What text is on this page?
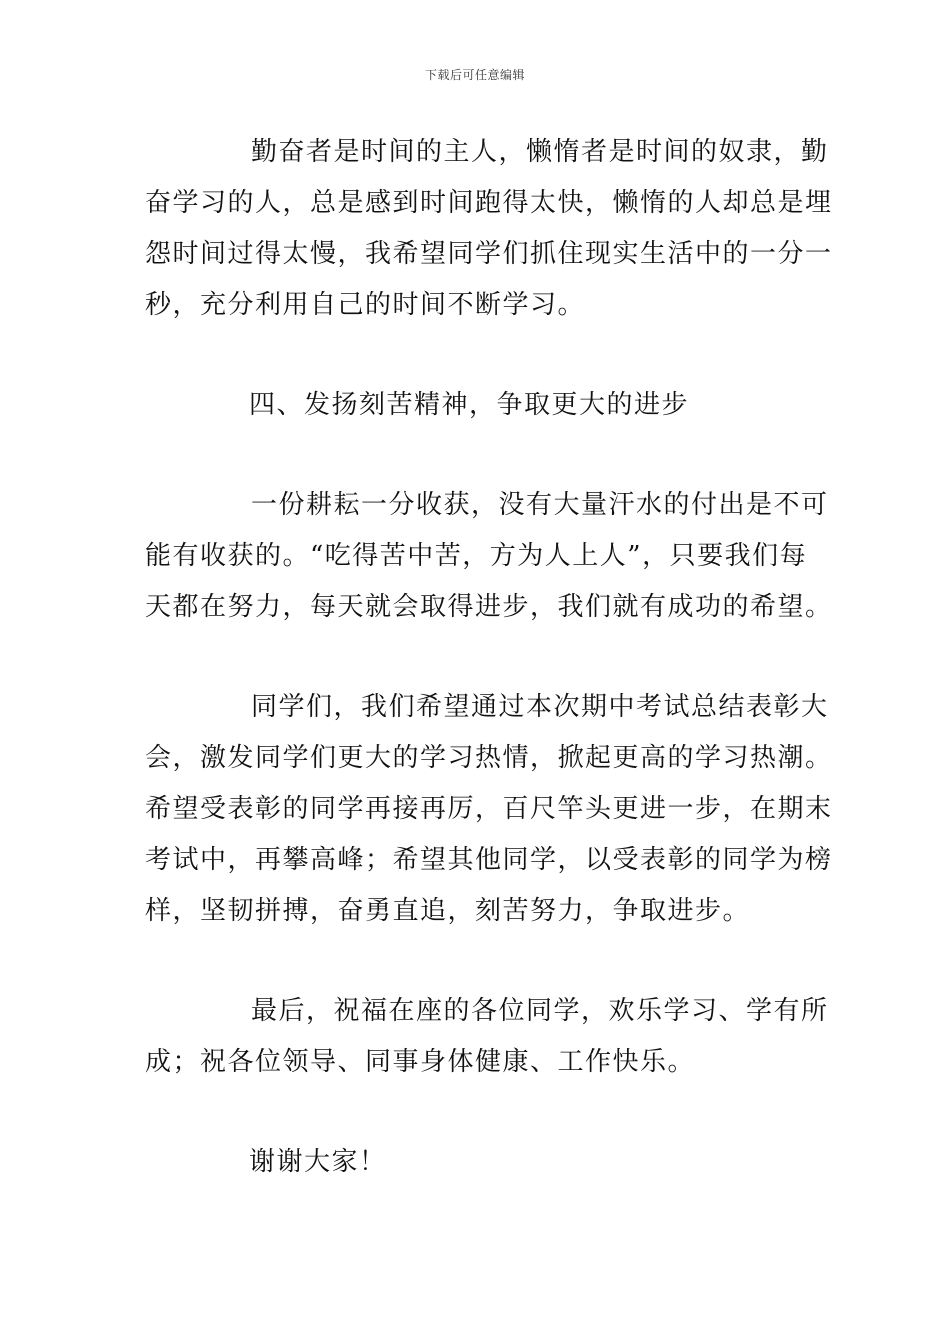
下载后可任意编辑

勤奋者是时间的主人，懒惰者是时间的奴隶，勤
奋学习的人，总是感到时间跑得太快，懒惰的人却总是埋
怨时间过得太慢，我希望同学们抓住现实生活中的一分一
秒，充分利用自己的时间不断学习。

四、发扬刻苦精神，争取更大的进步

一份耕耘一分收获，没有大量汗水的付出是不可
能有收获的。“吃得苦中苦，方为人上人”，只要我们每
天都在努力，每天就会取得进步，我们就有成功的希望。

同学们，我们希望通过本次期中考试总结表彰大
会，激发同学们更大的学习热情，掀起更高的学习热潮。
希望受表彰的同学再接再厉，百尺竿头更进一步，在期末
考试中，再攀高峰；希望其他同学，以受表彰的同学为榜
样，坚韧拼搏，奋勇直追，刻苦努力，争取进步。

最后，祝福在座的各位同学，欢乐学习、学有所
成；祝各位领导、同事身体健康、工作快乐。

谢谢大家！
